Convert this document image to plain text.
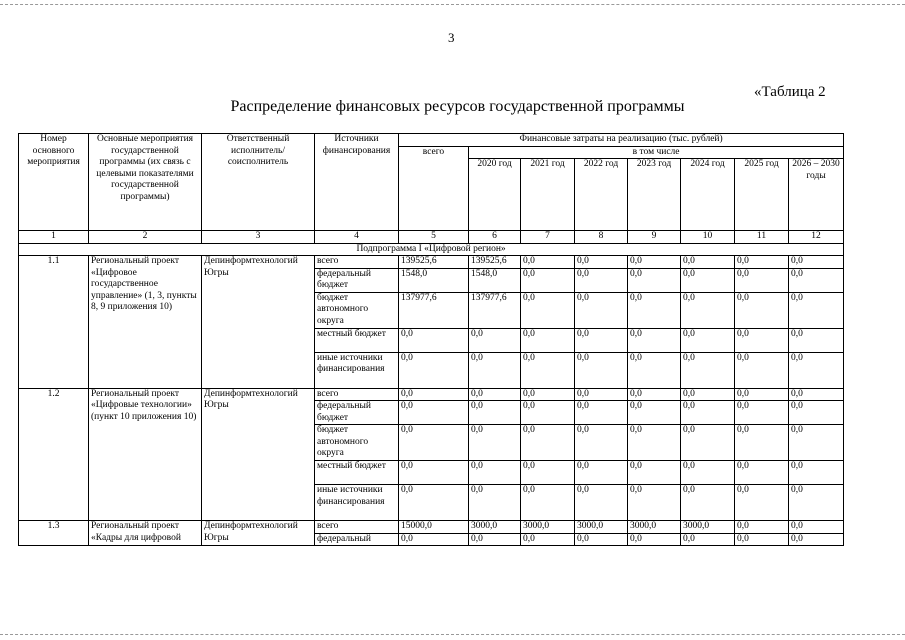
3
«Таблица 2
Распределение финансовых ресурсов государственной программы
Номер основного мероприятия	Основные мероприятия государственной программы (их связь с целевыми показателями государственной программы)	Ответственный исполнитель/ соисполнитель	Источники финансирования	Финансовые затраты на реализацию (тыс. рублей)							
				всего	в том числе						
					2020 год	2021 год	2022 год	2023 год	2024 год	2025 год	2026 – 2030 годы
1	2	3	4	5	6	7	8	9	10	11	12
Подпрограмма I «Цифровой регион»											
1.1	Региональный проект «Цифровое государственное управление» (1, 3, пункты 8, 9 приложения 10)	Депинформтехнологий Югры	всего	139525,6	139525,6	0,0	0,0	0,0	0,0	0,0	0,0
			федеральный бюджет	1548,0	1548,0	0,0	0,0	0,0	0,0	0,0	0,0
			бюджет автономного округа	137977,6	137977,6	0,0	0,0	0,0	0,0	0,0	0,0
			местный бюджет	0,0	0,0	0,0	0,0	0,0	0,0	0,0	0,0
			иные источники финансирования	0,0	0,0	0,0	0,0	0,0	0,0	0,0	0,0
1.2	Региональный проект «Цифровые технологии» (пункт 10 приложения 10)	Депинформтехнологий Югры	всего	0,0	0,0	0,0	0,0	0,0	0,0	0,0	0,0
			федеральный бюджет	0,0	0,0	0,0	0,0	0,0	0,0	0,0	0,0
			бюджет автономного округа	0,0	0,0	0,0	0,0	0,0	0,0	0,0	0,0
			местный бюджет	0,0	0,0	0,0	0,0	0,0	0,0	0,0	0,0
			иные источники финансирования	0,0	0,0	0,0	0,0	0,0	0,0	0,0	0,0
1.3	Региональный проект «Кадры для цифровой	Депинформтехнологий Югры	всего	15000,0	3000,0	3000,0	3000,0	3000,0	3000,0	0,0	0,0
			федеральный	0,0	0,0	0,0	0,0	0,0	0,0	0,0	0,0
